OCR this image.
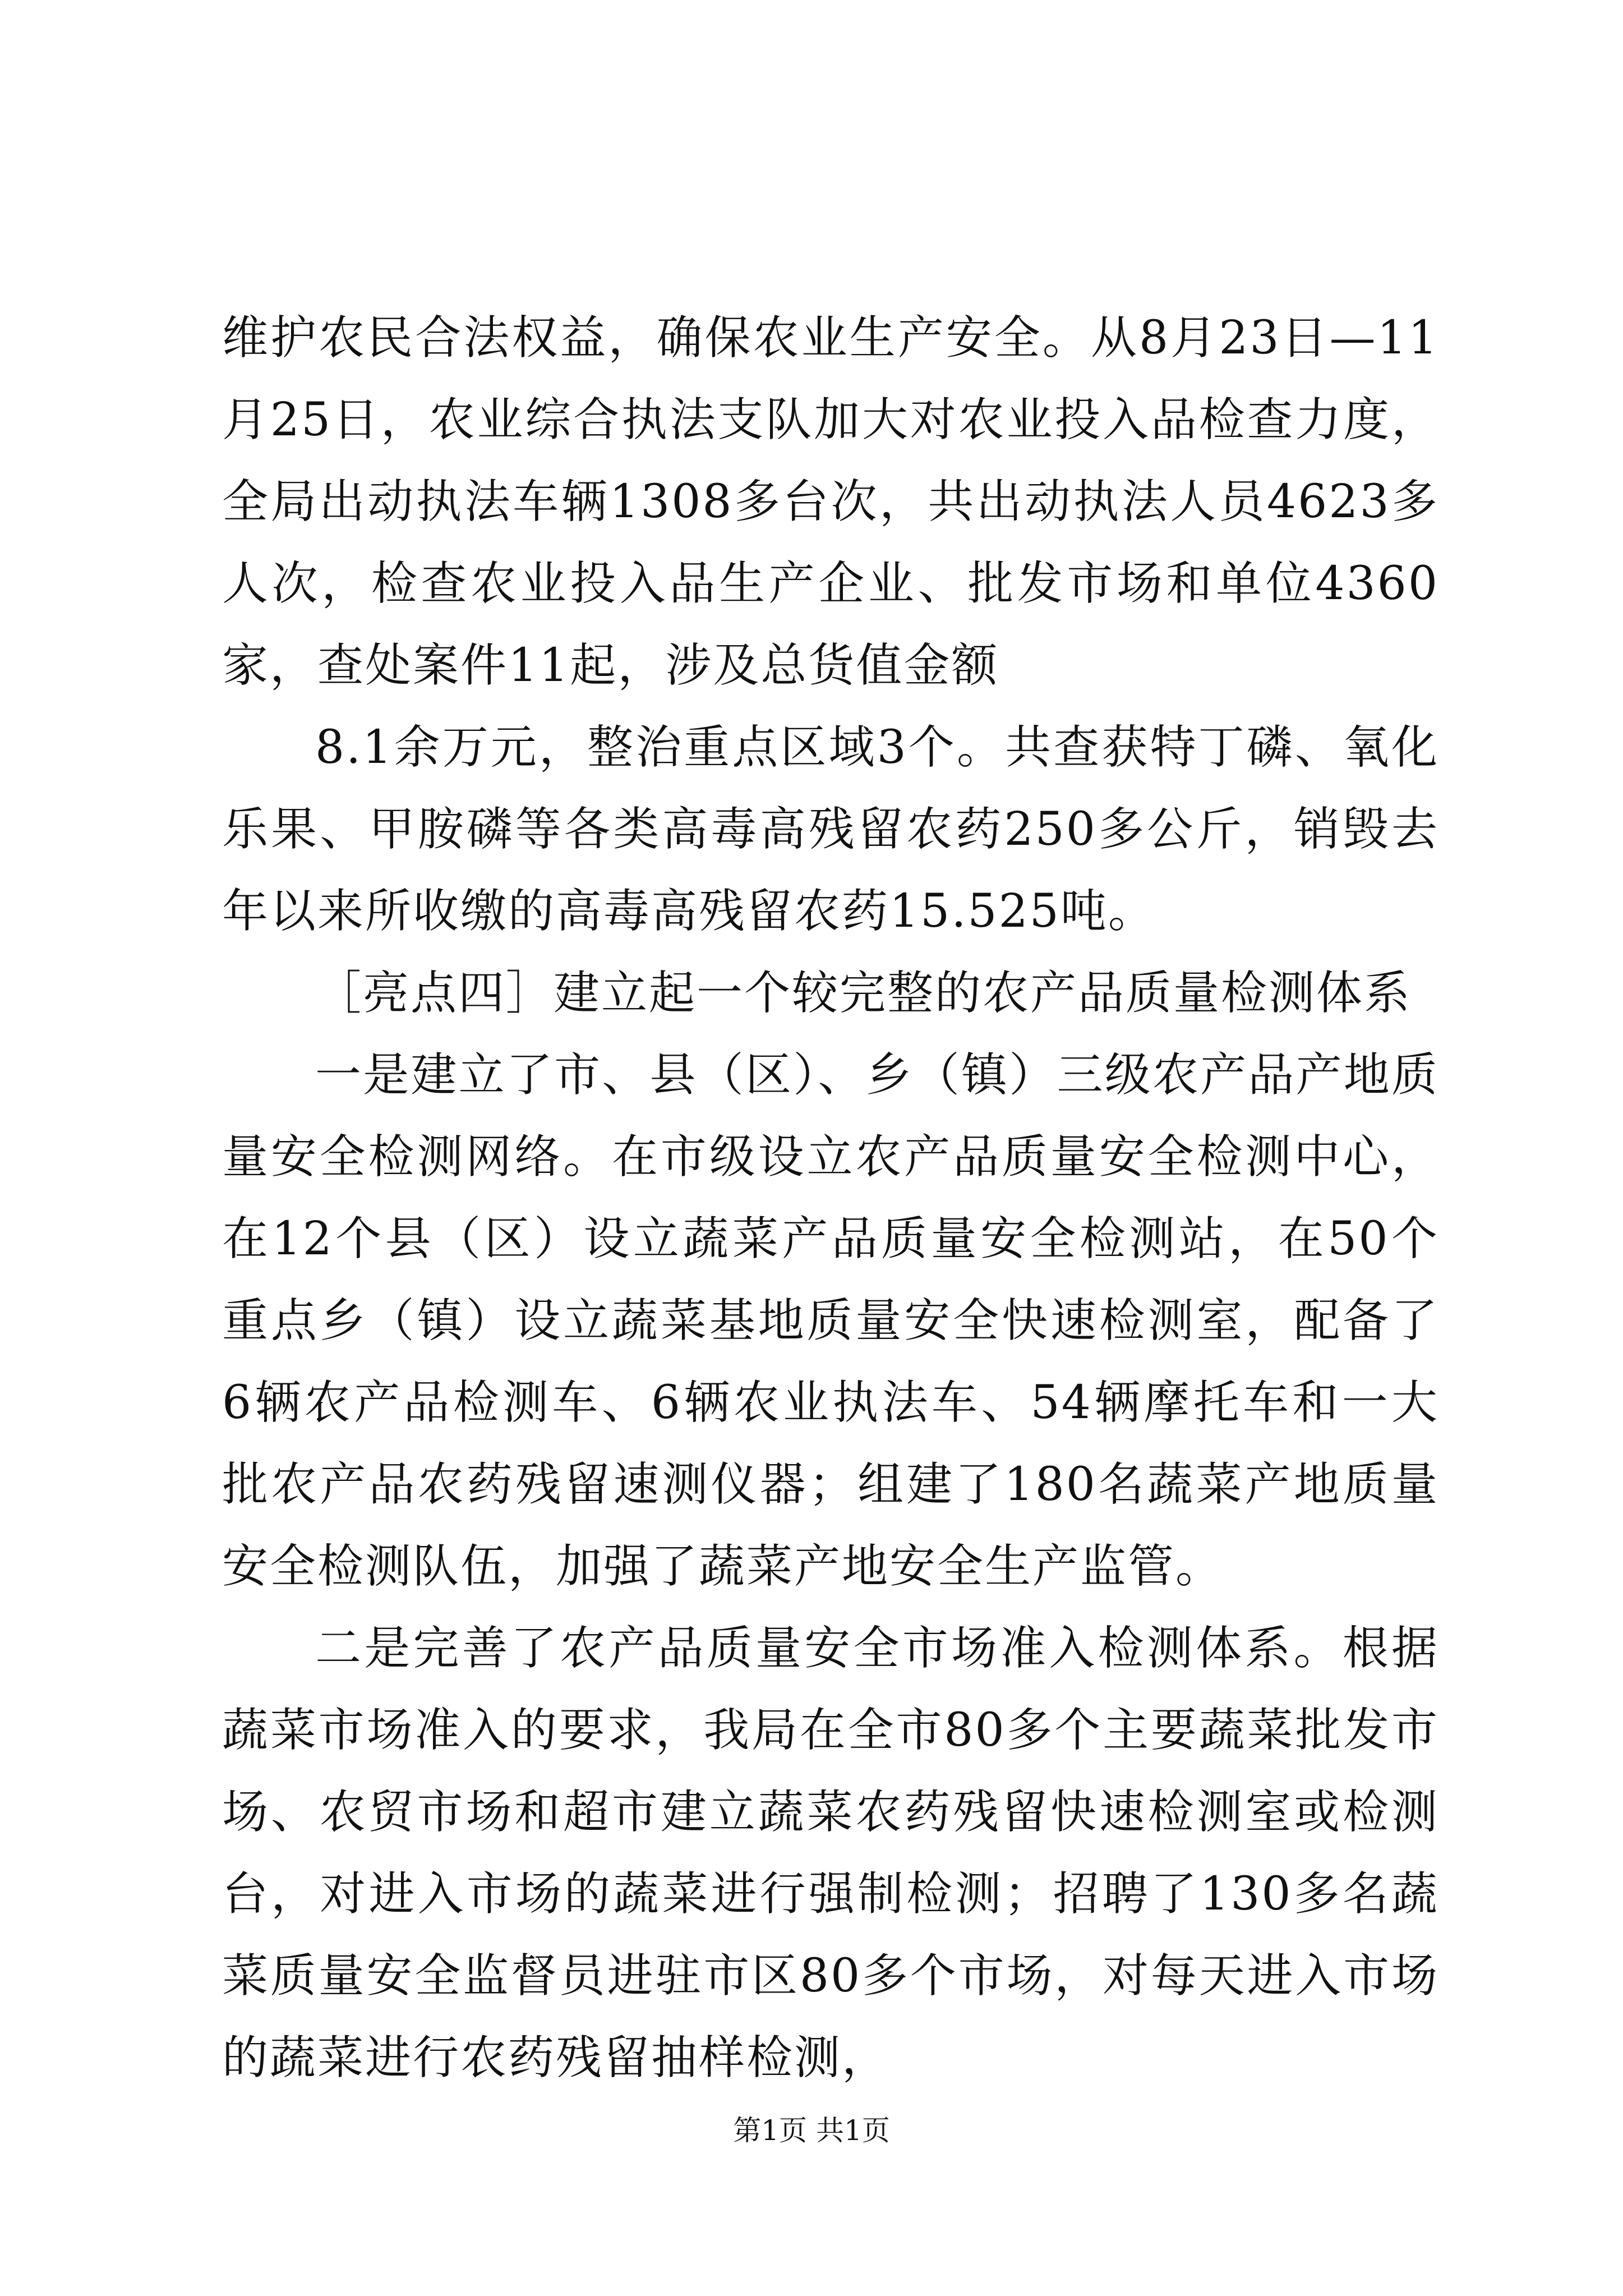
维护农民合法权益，确保农业生产安全。从8月23日—11月25日，农业综合执法支队加大对农业投入品检查力度，全局出动执法车辆1308多台次，共出动执法人员4623多人次，检查农业投入品生产企业、批发市场和单位4360家，查处案件11起，涉及总货值金额

8.1余万元，整治重点区域3个。共查获特丁磷、氧化乐果、甲胺磷等各类高毒高残留农药250多公斤，销毁去年以来所收缴的高毒高残留农药15.525吨。

［亮点四］建立起一个较完整的农产品质量检测体系

一是建立了市、县（区）、乡（镇）三级农产品产地质量安全检测网络。在市级设立农产品质量安全检测中心，在12个县（区）设立蔬菜产品质量安全检测站，在50个重点乡（镇）设立蔬菜基地质量安全快速检测室，配备了6辆农产品检测车、6辆农业执法车、54辆摩托车和一大批农产品农药残留速测仪器；组建了180名蔬菜产地质量安全检测队伍，加强了蔬菜产地安全生产监管。

二是完善了农产品质量安全市场准入检测体系。根据蔬菜市场准入的要求，我局在全市80多个主要蔬菜批发市场、农贸市场和超市建立蔬菜农药残留快速检测室或检测台，对进入市场的蔬菜进行强制检测；招聘了130多名蔬菜质量安全监督员进驻市区80多个市场，对每天进入市场的蔬菜进行农药残留抽样检测，

第1页 共1页
